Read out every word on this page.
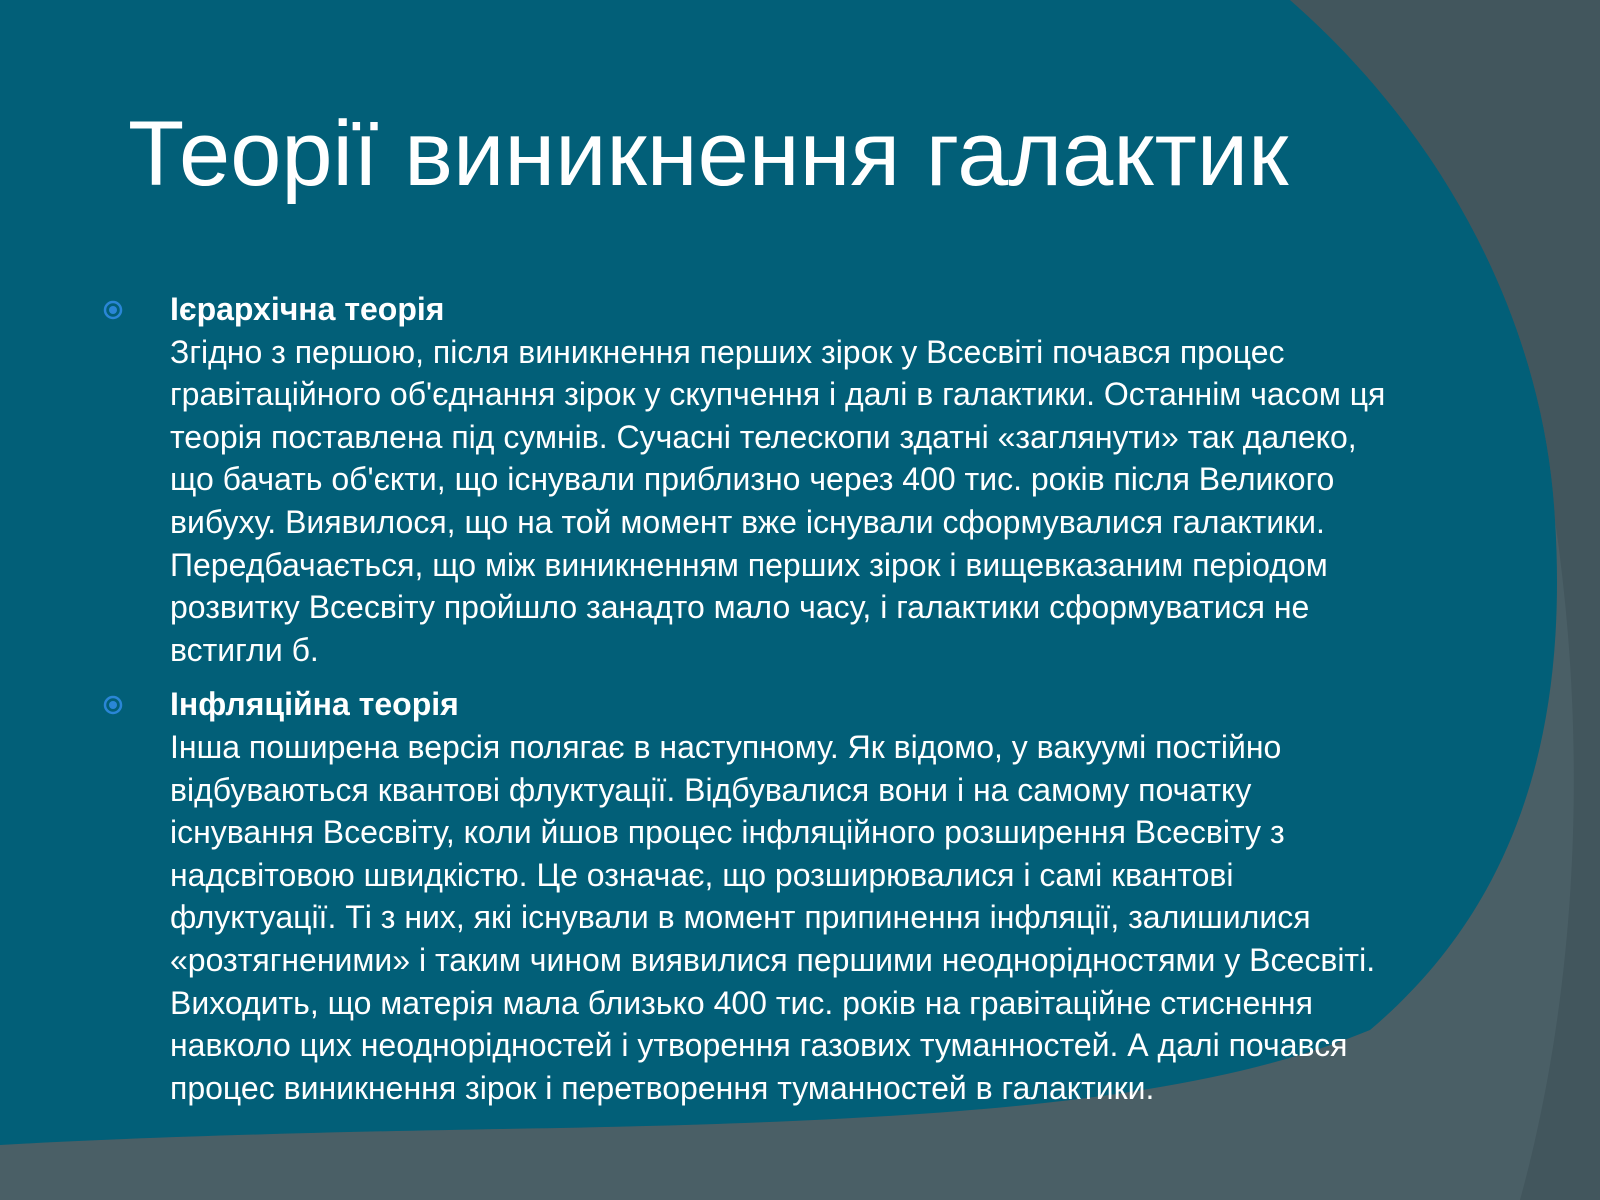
Теорії виникнення галактик
Ієрархічна теорія
Згідно з першою, після виникнення перших зірок у Всесвіті почався процес гравітаційного об'єднання зірок у скупчення і далі в галактики. Останнім часом ця теорія поставлена під сумнів. Сучасні телескопи здатні «заглянути» так далеко, що бачать об'єкти, що існували приблизно через 400 тис. років після Великого вибуху. Виявилося, що на той момент вже існували сформувалися галактики. Передбачається, що між виникненням перших зірок і вищевказаним періодом розвитку Всесвіту пройшло занадто мало часу, і галактики сформуватися не встигли б.
Інфляційна теорія
Інша поширена версія полягає в наступному. Як відомо, у вакуумі постійно відбуваються квантові флуктуації. Відбувалися вони і на самому початку існування Всесвіту, коли йшов процес інфляційного розширення Всесвіту з надсвітовою швидкістю. Це означає, що розширювалися і самі квантові флуктуації. Ті з них, які існували в момент припинення інфляції, залишилися «розтягненими» і таким чином виявилися першими неоднорідностями у Всесвіті. Виходить, що матерія мала близько 400 тис. років на гравітаційне стиснення навколо цих неоднорідностей і утворення газових туманностей. А далі почався процес виникнення зірок і перетворення туманностей в галактики.
